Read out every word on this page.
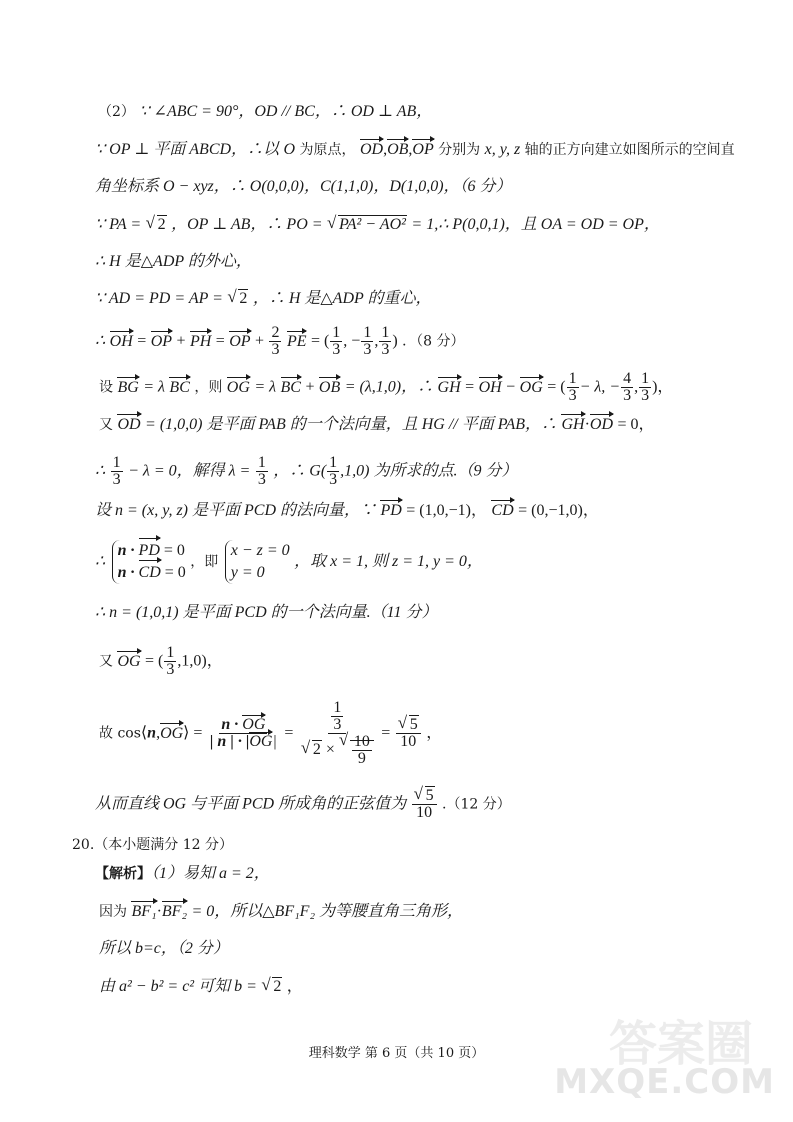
（2） ∵ ∠ABC = 90°，OD // BC，∴ OD ⊥ AB，
∵ OP ⊥ 平面 ABCD，∴以 O 为原点， OD,OB,OP 分别为 x, y, z 轴的正方向建立如图所示的空间直
角坐标系 O − xyz，∴ O(0,0,0)，C(1,1,0)，D(1,0,0)，（6 分）
∵ PA = √ 2 ，OP ⊥ AB，∴ PO = √ PA² − AO² = 1,∴ P(0,0,1)，且 OA = OD = OP，
∴ H 是△ADP 的外心，
∵ AD = PD = AP = √ 2 ，∴ H 是△ADP 的重心，
∴ OH = OP + PH = OP + $\frac{2}{3}$ PE = ( $\frac{1}{3}$ , − $\frac{1}{3}$ , $\frac{1}{3}$ ) ．（8 分）
设 BG = λ BC ，则 OG = λ BC + OB = (λ,1,0)，∴ GH = OH − OG = ( $\frac{1}{3} - \lambda$, − $\frac{4}{3}$ , $\frac{1}{3}$ )，
又 OD = (1,0,0) 是平面 PAB 的一个法向量，且 HG // 平面 PAB，∴ GH·OD = 0，
∴ $\frac{1}{3} - \lambda = 0$，解得 $\lambda = \frac{1}{3}$ ，∴ $G( \frac{1}{3} ,1,0)$ 为所求的点.（9 分）
设 n = (x, y, z) 是平面 PCD 的法向量，∵ PD = (1,0,−1)， CD = (0,−1,0)，
∴
n · PD = 0
n · CD = 0
，即
x − z = 0
y = 0
，取 x = 1, 则 z = 1, y = 0，
∴ n = (1,0,1) 是平面 PCD 的一个法向量.（11 分）
又 OG = ( $\frac{1}{3} ,1,0$)，
故 cos⟨n,OG⟩ = $\frac{n \cdot OG}{| n | \cdot |OG|} = \frac{1}{3}$
√ 2 × √ $\frac{10}{9}$ = √ $\frac{5}{10}$ ，
从而直线 OG 与平面 PCD 所成角的正弦值为 √ $\frac{5}{10} .(12$ 分）
20.（本小题满分 12 分）
【解析】（1）易知 a = 2，
因为 BF₁·BF₂ = 0，所以△BF₁F₂ 为等腰直角三角形，
所以 b=c，（2 分）
由 a² − b² = c² 可知 b = √ 2 ，
理科数学 第 6 页（共 10 页）	答案圈
MXQE.COM
